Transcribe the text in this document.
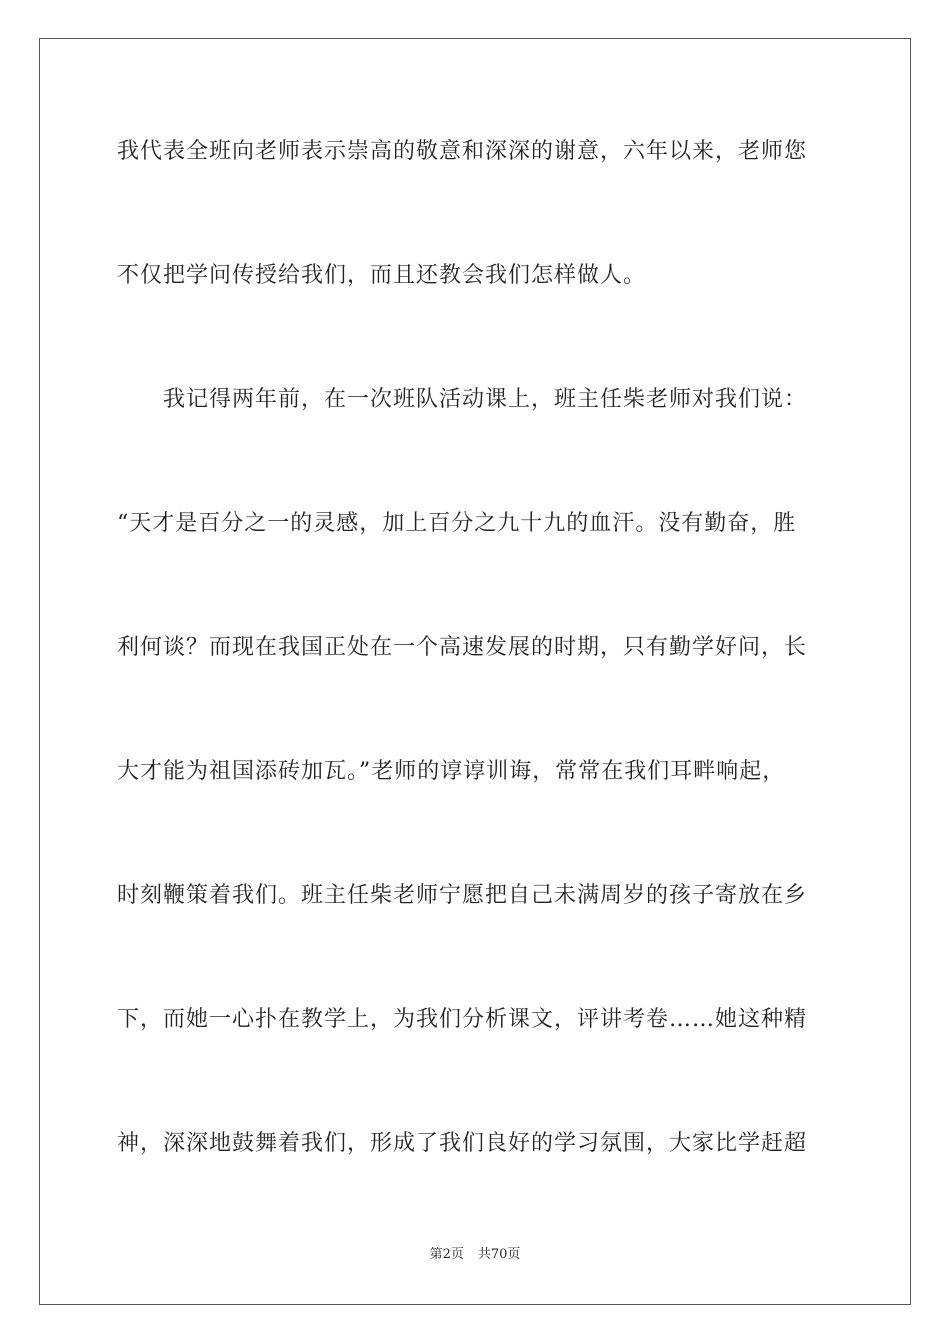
我代表全班向老师表示崇高的敬意和深深的谢意，六年以来，老师您
不仅把学问传授给我们，而且还教会我们怎样做人。
我记得两年前，在一次班队活动课上，班主任柴老师对我们说：
“天才是百分之一的灵感，加上百分之九十九的血汗。没有勤奋，胜
利何谈？而现在我国正处在一个高速发展的时期，只有勤学好问，长
大才能为祖国添砖加瓦。”老师的谆谆训诲，常常在我们耳畔响起，
时刻鞭策着我们。班主任柴老师宁愿把自己未满周岁的孩子寄放在乡
下，而她一心扑在教学上，为我们分析课文，评讲考卷……她这种精
神，深深地鼓舞着我们，形成了我们良好的学习氛围，大家比学赶超
第2页 共70页
